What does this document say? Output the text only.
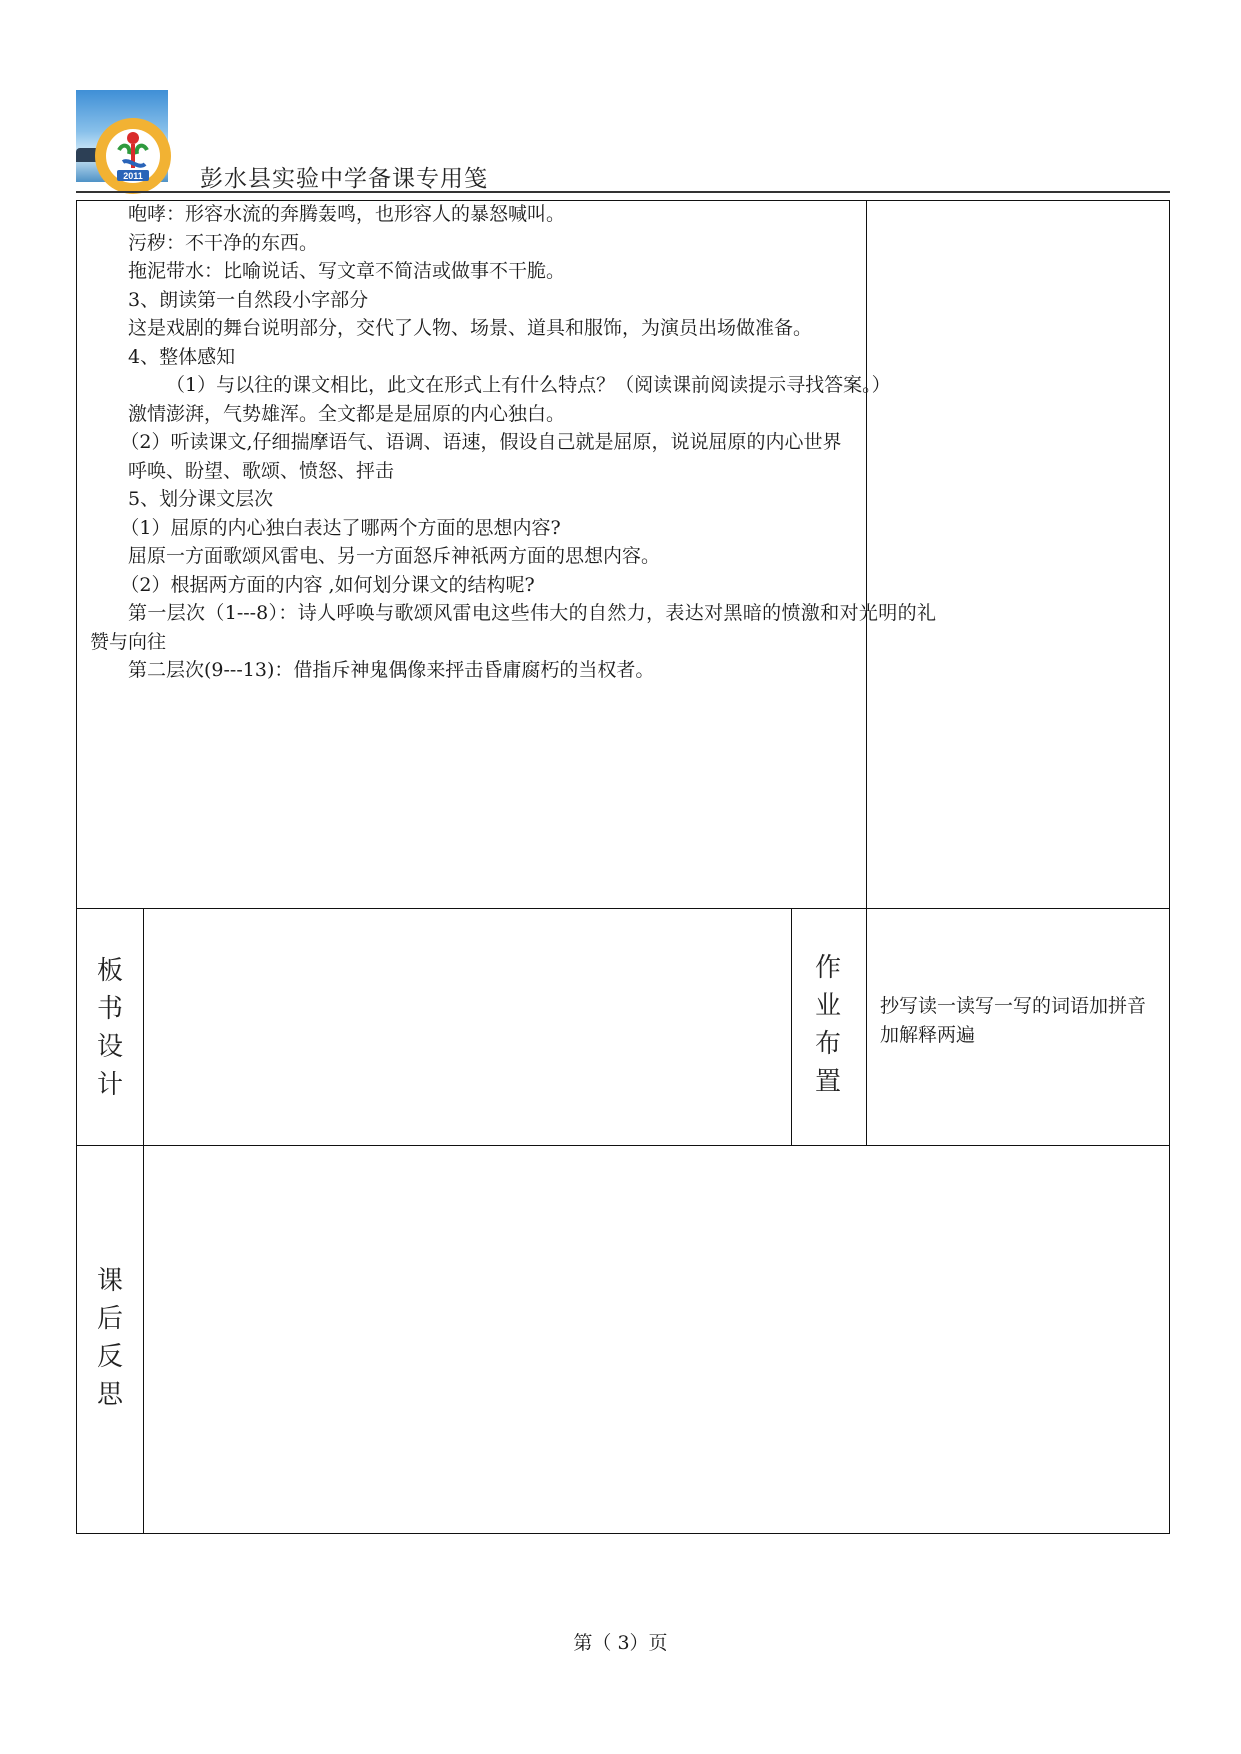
2011 彭水县实验中学备课专用笺

咆哮：形容水流的奔腾轰鸣，也形容人的暴怒喊叫。

污秽：不干净的东西。

拖泥带水：比喻说话、写文章不简洁或做事不干脆。

3、朗读第一自然段小字部分

这是戏剧的舞台说明部分，交代了人物、场景、道具和服饰，为演员出场做准备。

4、整体感知

（1）与以往的课文相比，此文在形式上有什么特点？（阅读课前阅读提示寻找答案。）

激情澎湃，气势雄浑。全文都是是屈原的内心独白。

（2）听读课文,仔细揣摩语气、语调、语速，假设自己就是屈原，说说屈原的内心世界

呼唤、盼望、歌颂、愤怒、抨击

5、划分课文层次

（1）屈原的内心独白表达了哪两个方面的思想内容?

屈原一方面歌颂风雷电、另一方面怒斥神祇两方面的思想内容。

（2）根据两方面的内容 ,如何划分课文的结构呢?

第一层次（1---8）：诗人呼唤与歌颂风雷电这些伟大的自然力，表达对黑暗的愤激和对光明的礼赞与向往

第二层次(9---13)：借指斥神鬼偶像来抨击昏庸腐朽的当权者。

板
书
设
计
作
业
布
置
抄写读一读写一写的词语加拼音加解释两遍
课
后
反
思
第（ 3）页
